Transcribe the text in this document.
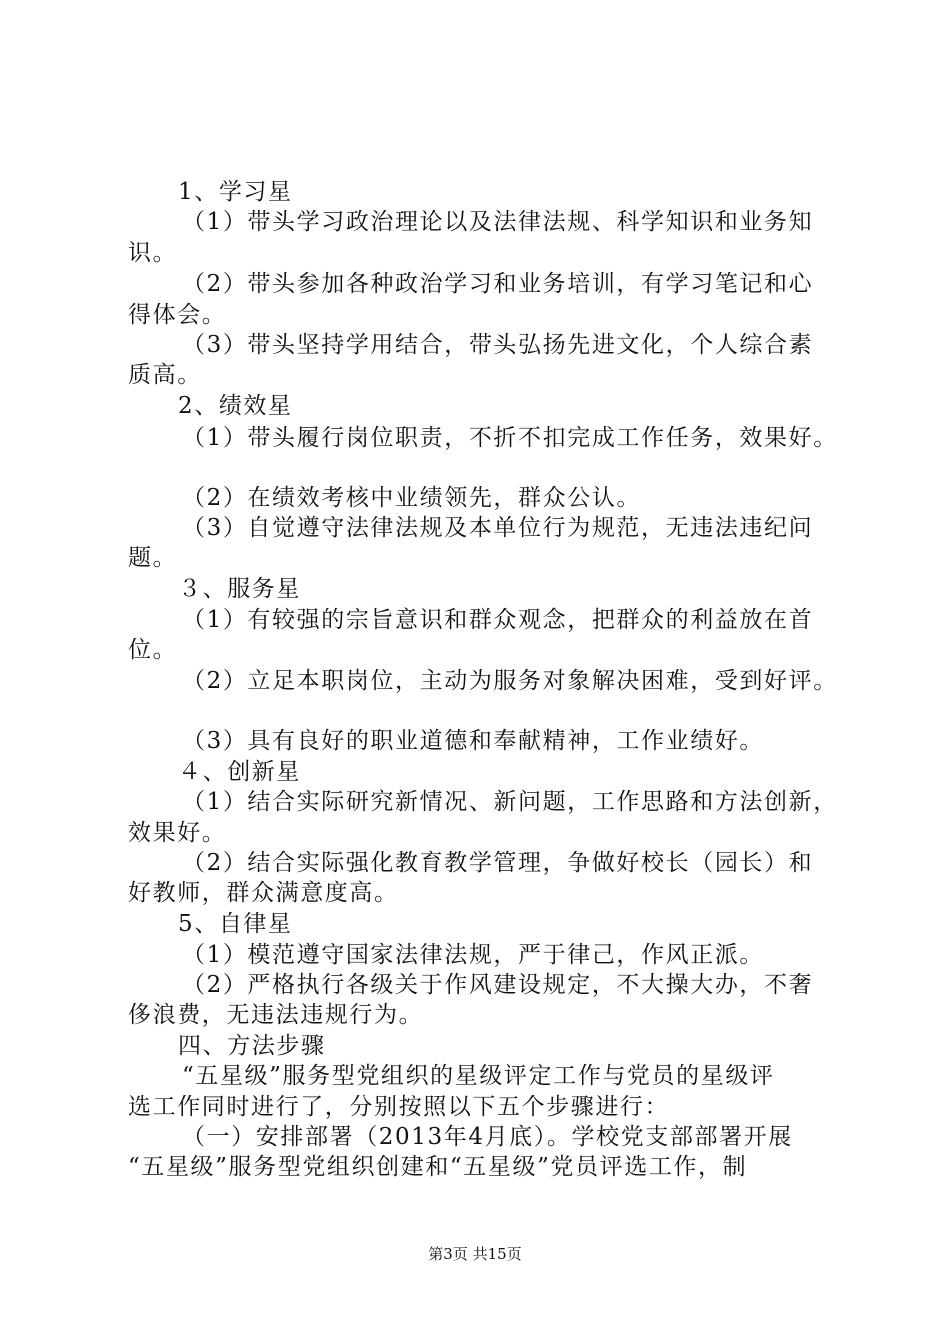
1、学习星
（1）带头学习政治理论以及法律法规、科学知识和业务知
识。
（2）带头参加各种政治学习和业务培训，有学习笔记和心
得体会。
（3）带头坚持学用结合，带头弘扬先进文化，个人综合素
质高。
2、绩效星
（1）带头履行岗位职责，不折不扣完成工作任务，效果好。
（2）在绩效考核中业绩领先，群众公认。
（3）自觉遵守法律法规及本单位行为规范，无违法违纪问
题。
３、服务星
（1）有较强的宗旨意识和群众观念，把群众的利益放在首
位。
（2）立足本职岗位，主动为服务对象解决困难，受到好评。
（3）具有良好的职业道德和奉献精神，工作业绩好。
４、创新星
（1）结合实际研究新情况、新问题，工作思路和方法创新，
效果好。
（2）结合实际强化教育教学管理，争做好校长（园长）和
好教师，群众满意度高。
5、自律星
（1）模范遵守国家法律法规，严于律己，作风正派。
（2）严格执行各级关于作风建设规定，不大操大办，不奢
侈浪费，无违法违规行为。
四、方法步骤
“五星级”服务型党组织的星级评定工作与党员的星级评
选工作同时进行了，分别按照以下五个步骤进行：
（一）安排部署（2013年4月底）。学校党支部部署开展
“五星级”服务型党组织创建和“五星级”党员评选工作，制
第3页 共15页
